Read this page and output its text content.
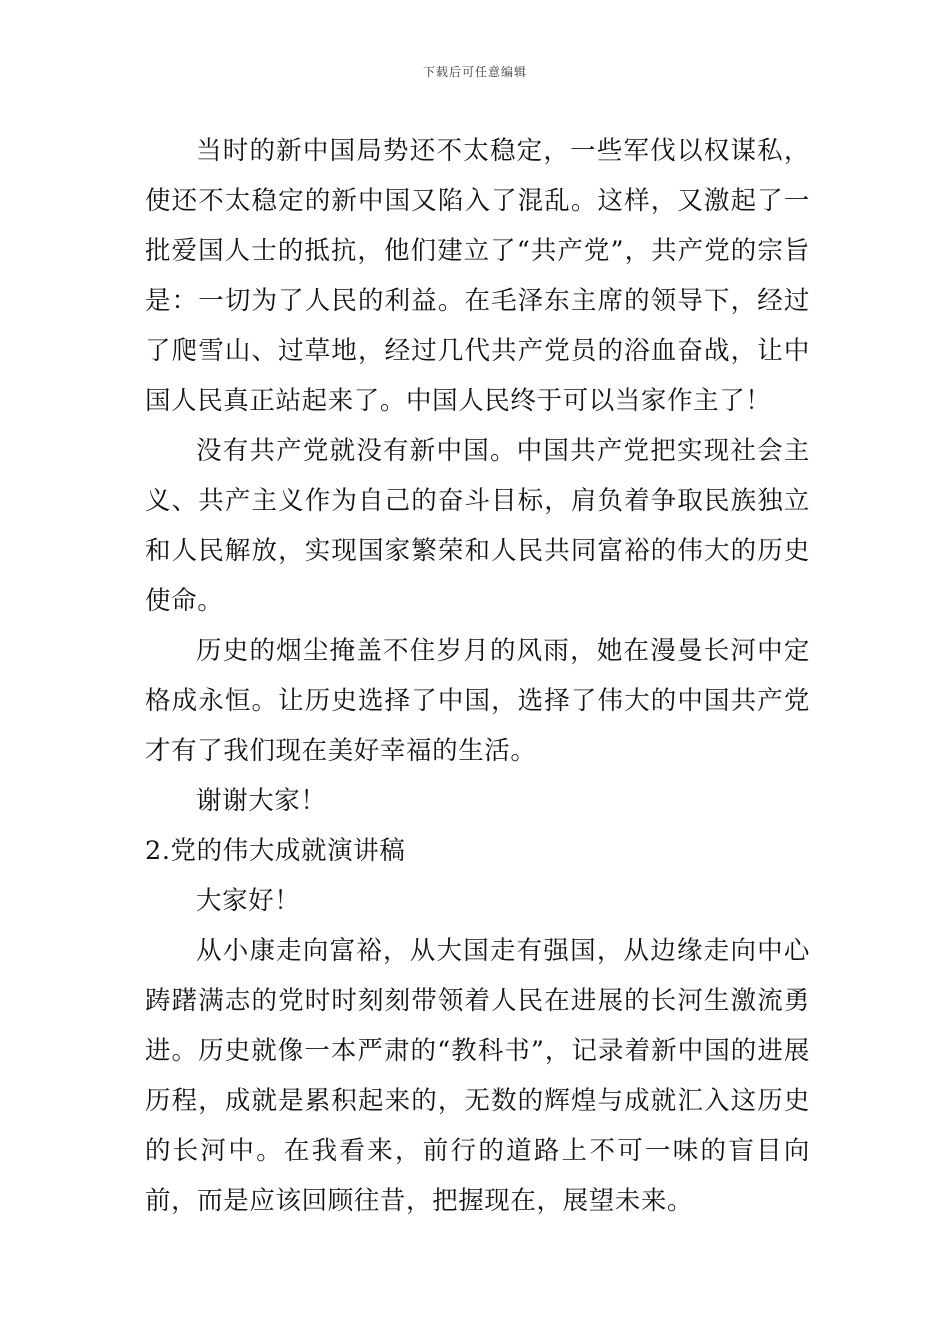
下载后可任意编辑

当时的新中国局势还不太稳定，一些军伐以权谋私，使还不太稳定的新中国又陷入了混乱。这样，又激起了一批爱国人士的抵抗，他们建立了“共产党”，共产党的宗旨是：一切为了人民的利益。在毛泽东主席的领导下，经过了爬雪山、过草地，经过几代共产党员的浴血奋战，让中国人民真正站起来了。中国人民终于可以当家作主了！

没有共产党就没有新中国。中国共产党把实现社会主义、共产主义作为自己的奋斗目标，肩负着争取民族独立和人民解放，实现国家繁荣和人民共同富裕的伟大的历史使命。

历史的烟尘掩盖不住岁月的风雨，她在漫曼长河中定格成永恒。让历史选择了中国，选择了伟大的中国共产党才有了我们现在美好幸福的生活。

谢谢大家！

2.党的伟大成就演讲稿

大家好！

从小康走向富裕，从大国走有强国，从边缘走向中心踌躇满志的党时时刻刻带领着人民在进展的长河生激流勇进。历史就像一本严肃的“教科书”，记录着新中国的进展历程，成就是累积起来的，无数的辉煌与成就汇入这历史的长河中。在我看来，前行的道路上不可一味的盲目向前，而是应该回顾往昔，把握现在，展望未来。
